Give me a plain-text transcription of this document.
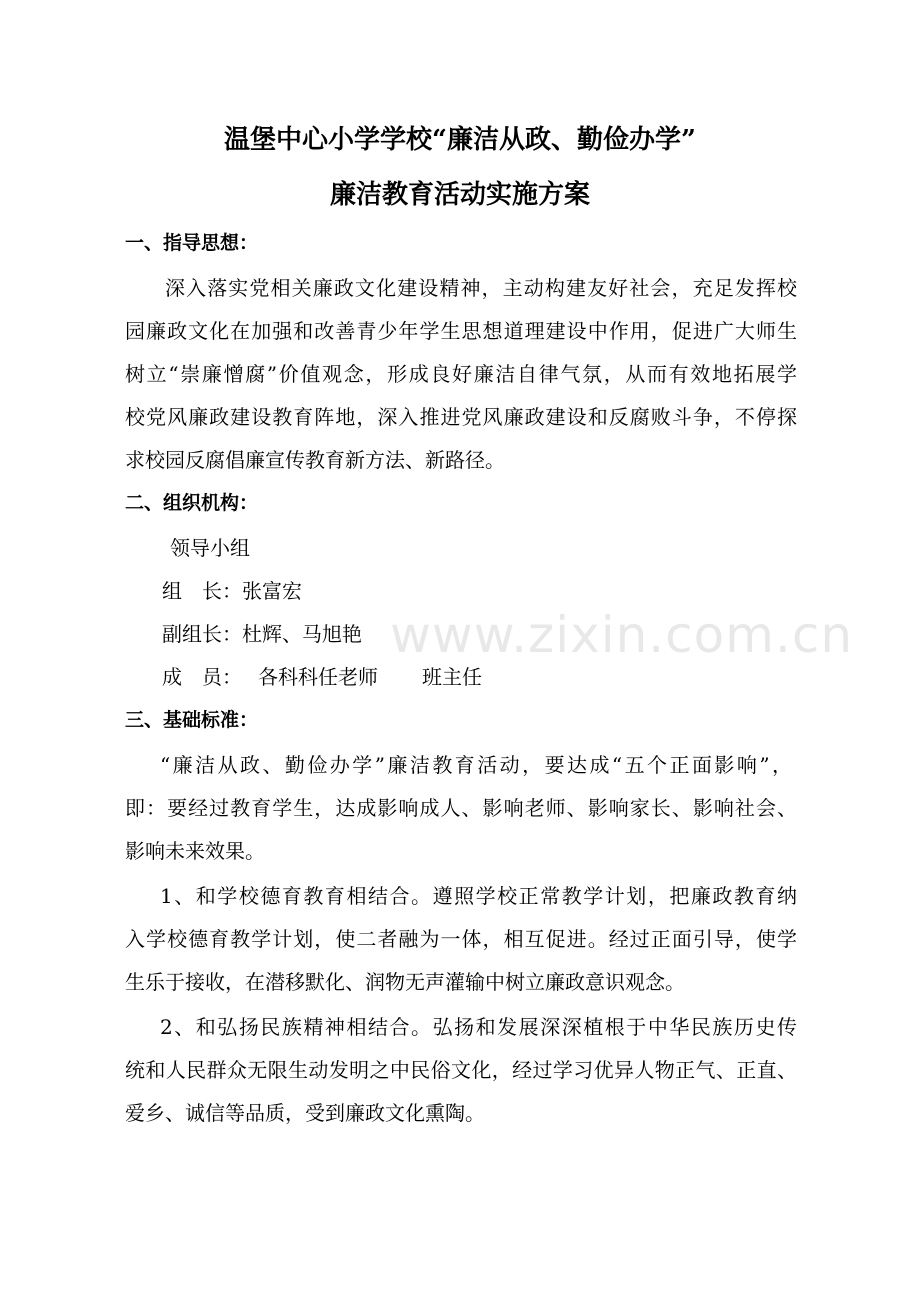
温堡中心小学学校“廉洁从政、勤俭办学”
廉洁教育活动实施方案
一、指导思想：
深入落实党相关廉政文化建设精神，主动构建友好社会，充足发挥校
园廉政文化在加强和改善青少年学生思想道理建设中作用，促进广大师生
树立“崇廉憎腐”价值观念，形成良好廉洁自律气氛，从而有效地拓展学
校党风廉政建设教育阵地，深入推进党风廉政建设和反腐败斗争，不停探
求校园反腐倡廉宣传教育新方法、新路径。
二、组织机构：
领导小组
组　长：张富宏
副组长：杜辉、马旭艳
成　员： 各科科任老师 班主任
三、基础标准：
“廉洁从政、勤俭办学”廉洁教育活动，要达成“五个正面影响”，
即：要经过教育学生，达成影响成人、影响老师、影响家长、影响社会、
影响未来效果。
1、和学校德育教育相结合。遵照学校正常教学计划，把廉政教育纳
入学校德育教学计划，使二者融为一体，相互促进。经过正面引导，使学
生乐于接收，在潜移默化、润物无声灌输中树立廉政意识观念。
2、和弘扬民族精神相结合。弘扬和发展深深植根于中华民族历史传
统和人民群众无限生动发明之中民俗文化，经过学习优异人物正气、正直、
爱乡、诚信等品质，受到廉政文化熏陶。
www.zixin.com.cn
